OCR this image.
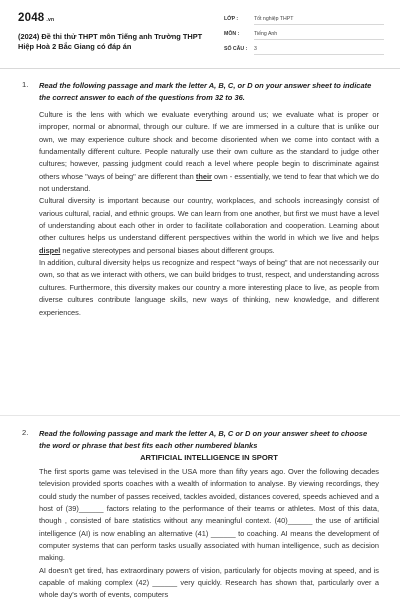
2048 .vn
(2024) Đề thi thử THPT môn Tiếng anh Trường THPT Hiệp Hoà 2 Bắc Giang có đáp án
LỚP :	Tốt nghiệp THPT
MÔN :	Tiếng Anh
SỐ CÂU : 3
1. Read the following passage and mark the letter A, B, C, or D on your answer sheet to indicate the correct answer to each of the questions from 32 to 36.

Culture is the lens with which we evaluate everything around us; we evaluate what is proper or improper, normal or abnormal, through our culture. If we are immersed in a culture that is unlike our own, we may experience culture shock and become disoriented when we come into contact with a fundamentally different culture. People naturally use their own culture as the standard to judge other cultures; however, passing judgment could reach a level where people begin to discriminate against others whose "ways of being" are different than their own - essentially, we tend to fear that which we do not understand.

Cultural diversity is important because our country, workplaces, and schools increasingly consist of various cultural, racial, and ethnic groups. We can learn from one another, but first we must have a level of understanding about each other in order to facilitate collaboration and cooperation. Learning about other cultures helps us understand different perspectives within the world in which we live and helps dispel negative stereotypes and personal biases about different groups.

In addition, cultural diversity helps us recognize and respect "ways of being" that are not necessarily our own, so that as we interact with others, we can build bridges to trust, respect, and understanding across cultures. Furthermore, this diversity makes our country a more interesting place to live, as people from diverse cultures contribute language skills, new ways of thinking, new knowledge, and different experiences.

2. Read the following passage and mark the letter A, B, C or D on your answer sheet to choose the word or phrase that best fits each other numbered blanks
ARTIFICIAL INTELLIGENCE IN SPORT

The first sports game was televised in the USA more than fifty years ago. Over the following decades television provided sports coaches with a wealth of information to analyse. By viewing recordings, they could study the number of passes received, tackles avoided, distances covered, speeds achieved and a host of (39)______ factors relating to the performance of their teams or athletes. Most of this data, though , consisted of bare statistics without any meaningful context. (40)______ the use of artificial intelligence (AI) is now enabling an alternative (41) ______ to coaching. AI means the development of computer systems that can perform tasks usually associated with human intelligence, such as decision making.

AI doesn't get tired, has extraordinary powers of vision, particularly for objects moving at speed, and is capable of making complex (42) ______ very quickly. Research has shown that, particularly over a whole day's worth of events, computers
